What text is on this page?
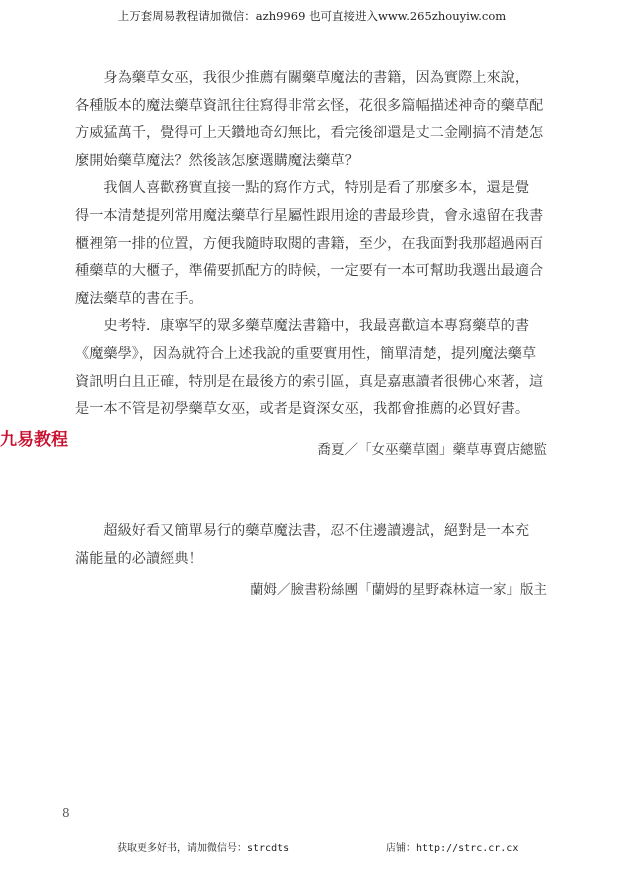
上万套周易教程请加微信：azh9969 也可直接进入www.265zhouyiw.com
九易教程

身為藥草女巫，我很少推薦有關藥草魔法的書籍，因為實際上來說，
各種版本的魔法藥草資訊往往寫得非常玄怪，花很多篇幅描述神奇的藥草配
方威猛萬千，覺得可上天鑽地奇幻無比，看完後卻還是丈二金剛搞不清楚怎
麼開始藥草魔法？然後該怎麼選購魔法藥草？

我個人喜歡務實直接一點的寫作方式，特別是看了那麼多本，還是覺
得一本清楚提列常用魔法藥草行星屬性跟用途的書最珍貴，會永遠留在我書
櫃裡第一排的位置，方便我隨時取閱的書籍，至少，在我面對我那超過兩百
種藥草的大櫃子，準備要抓配方的時候，一定要有一本可幫助我選出最適合
魔法藥草的書在手。

史考特．康寧罕的眾多藥草魔法書籍中，我最喜歡這本專寫藥草的書
《魔藥學》，因為就符合上述我說的重要實用性，簡單清楚，提列魔法藥草
資訊明白且正確，特別是在最後方的索引區，真是嘉惠讀者很佛心來著，這
是一本不管是初學藥草女巫，或者是資深女巫，我都會推薦的必買好書。

喬夏／「女巫藥草園」藥草專賣店總監

超級好看又簡單易行的藥草魔法書，忍不住邊讀邊試，絕對是一本充
滿能量的必讀經典！

蘭姆／臉書粉絲團「蘭姆的星野森林這一家」版主
8
获取更多好书，请加微信号：strcdts	店铺：http://strc.cr.cx
